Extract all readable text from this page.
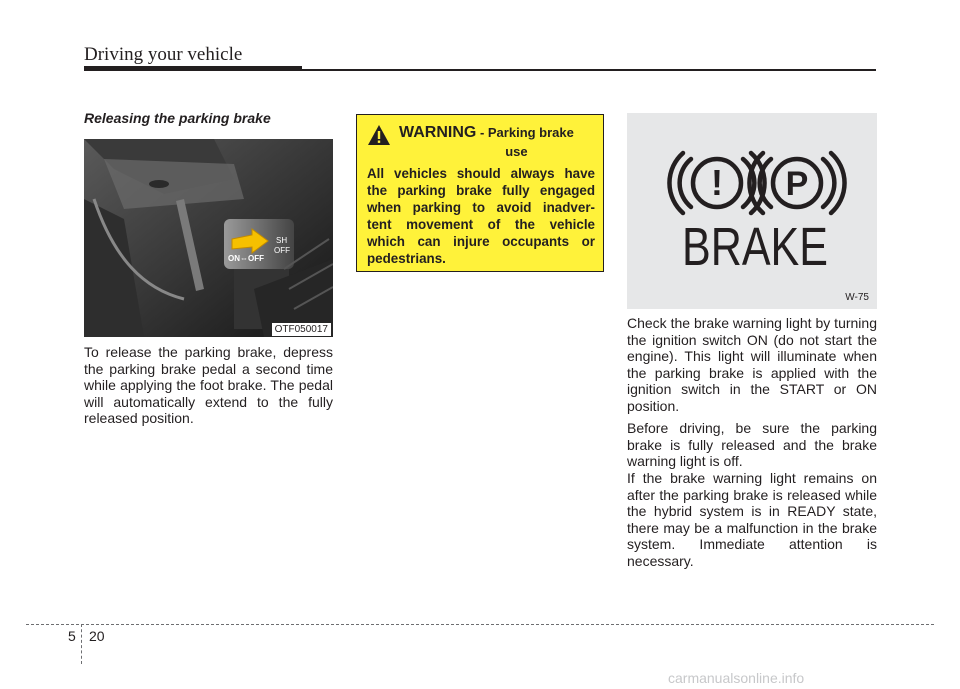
Driving your vehicle
Releasing the parking brake
ON⇔OFF
SH
OFF
OTF050017

To release the parking brake, depress the parking brake pedal a second time while applying the foot brake. The pedal will automatically extend to the fully released position.

WARNING - Parking brake
use

All vehicles should always have
the parking brake fully engaged
when parking to avoid inadver-
tent movement of the vehicle
which can injure occupants or
pedestrians.

! P
BRAKE
W-75

Check the brake warning light by turning the ignition switch ON (do not start the engine). This light will illuminate when the parking brake is applied with the ignition switch in the START or ON position.

Before driving, be sure the parking brake is fully released and the brake warning light is off.

If the brake warning light remains on after the parking brake is released while the hybrid system is in READY state, there may be a malfunction in the brake system. Immediate attention is necessary.

5 20
carmanualsonline.info
